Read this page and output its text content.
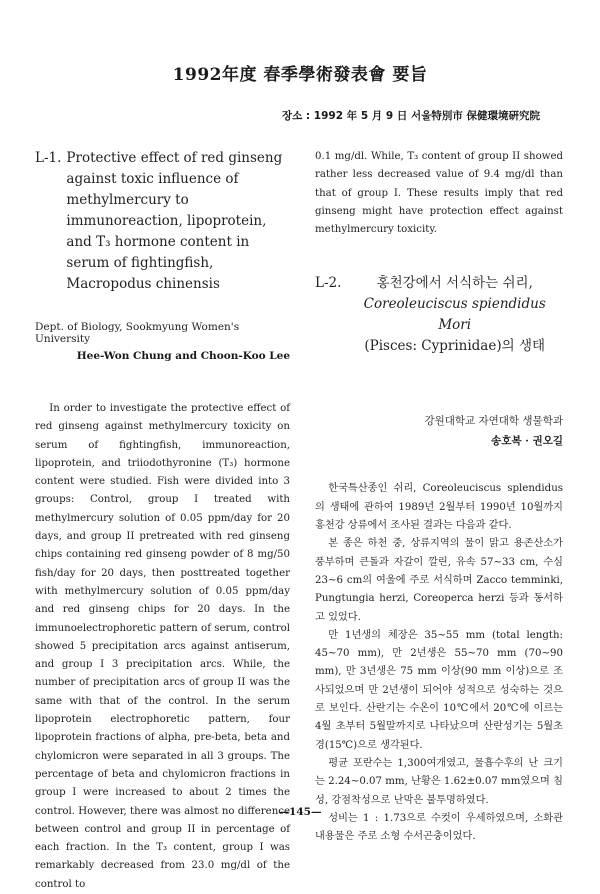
1992年度 春季學術發表會 要旨
장소 : 1992 年 5 月 9 日 서울特別市 保健環境硏究院
L-1. Protective effect of red ginseng against toxic influence of methylmercury to immunoreaction, lipoprotein, and T₃ hormone content in serum of fightingfish, Macropodus chinensis
Dept. of Biology, Sookmyung Women's University
Hee-Won Chung and Choon-Koo Lee

In order to investigate the protective effect of red ginseng against methylmercury toxicity on serum of fightingfish, immunoreaction, lipoprotein, and triiodothyronine (T₃) hormone content were studied. Fish were divided into 3 groups: Control, group I treated with methylmercury solution of 0.05 ppm/day for 20 days, and group II pretreated with red ginseng chips containing red ginseng powder of 8 mg/50 fish/day for 20 days, then posttreated together with methylmercury solution of 0.05 ppm/day and red ginseng chips for 20 days. In the immunoelectrophoretic pattern of serum, control showed 5 precipitation arcs against antiserum, and group I 3 precipitation arcs. While, the number of precipitation arcs of group II was the same with that of the control. In the serum lipoprotein electrophoretic pattern, four lipoprotein fractions of alpha, pre-beta, beta and chylomicron were separated in all 3 groups. The percentage of beta and chylomicron fractions in group I were increased to about 2 times the control. However, there was almost no difference between control and group II in percentage of each fraction. In the T₃ content, group I was remarkably decreased from 23.0 mg/dl of the control to

0.1 mg/dl. While, T₃ content of group II showed rather less decreased value of 9.4 mg/dl than that of group I. These results imply that red ginseng might have protection effect against methylmercury toxicity.

L-2.	홍천강에서 서식하는 쉬리,
Coreoleuciscus spiendidus Mori
(Pisces: Cyprinidae)의 생태
강원대학교 자연대학 생물학과
송호복 · 권오길

한국특산종인 쉬리, Coreoleuciscus splendidus의 생태에 관하여 1989년 2월부터 1990년 10월까지 홍천강 상류에서 조사된 결과는 다음과 같다.

본 종은 하천 중, 상류지역의 물이 맑고 용존산소가 풍부하며 큰돌과 자갈이 깔린, 유속 57∼33 cm, 수심 23∼6 cm의 여울에 주로 서식하며 Zacco temminki, Pungtungia herzi, Coreoperca herzi 등과 동서하고 있었다.

만 1년생의 체장은 35∼55 mm (total length: 45∼70 mm), 만 2년생은 55∼70 mm (70∼90 mm), 만 3년생은 75 mm 이상(90 mm 이상)으로 조사되었으며 만 2년생이 되어야 성적으로 성숙하는 것으로 보인다. 산란기는 수온이 10℃에서 20℃에 이르는 4월 초부터 5월말까지로 나타났으며 산란성기는 5월초경(15℃)으로 생각된다.

평균 포란수는 1,300여개였고, 물흡수후의 난 크기는 2.24∼0.07 mm, 난황은 1.62±0.07 mm였으며 침성, 강점착성으로 난막은 불투명하였다.

성비는 1 : 1.73으로 수컷이 우세하였으며, 소화관 내용물은 주로 소형 수서곤충이었다.

—145—
